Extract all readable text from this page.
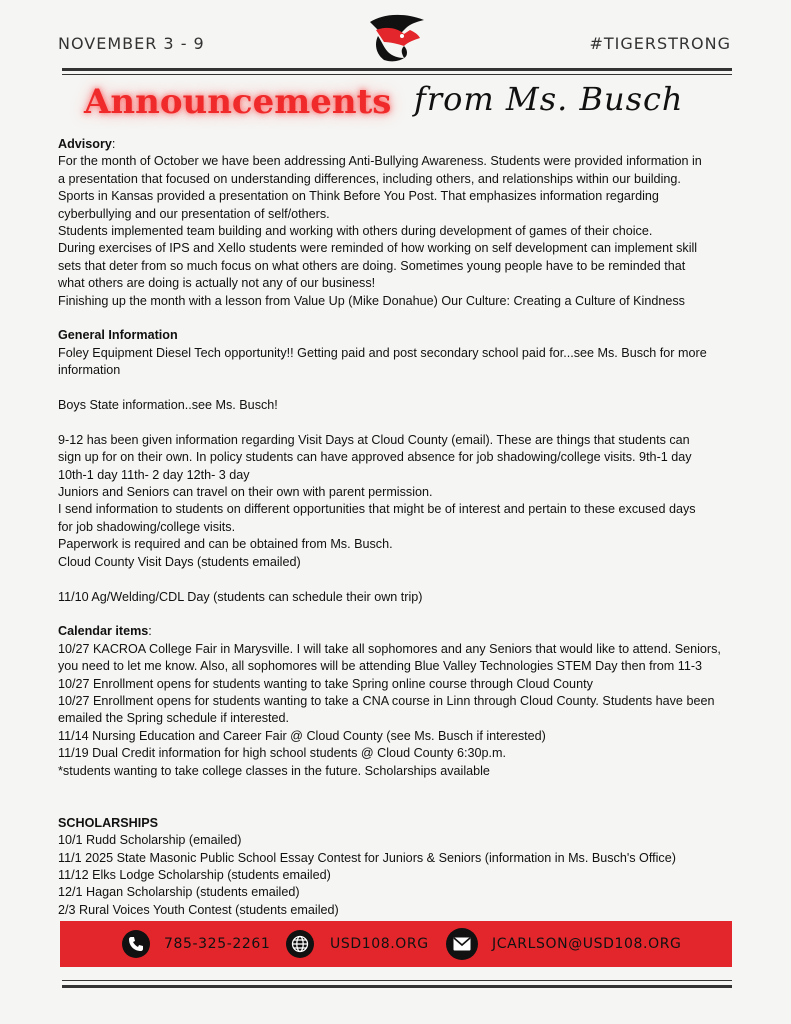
NOVEMBER 3 - 9	#TIGERSTRONG
Announcements from Ms. Busch

Advisory:

For the month of October we have been addressing Anti-Bullying Awareness. Students were provided information in

a presentation that focused on understanding differences, including others, and relationships within our building.

Sports in Kansas provided a presentation on Think Before You Post. That emphasizes information regarding

cyberbullying and our presentation of self/others.

Students implemented team building and working with others during development of games of their choice.

During exercises of IPS and Xello students were reminded of how working on self development can implement skill

sets that deter from so much focus on what others are doing. Sometimes young people have to be reminded that

what others are doing is actually not any of our business!

Finishing up the month with a lesson from Value Up (Mike Donahue) Our Culture: Creating a Culture of Kindness

General Information

Foley Equipment Diesel Tech opportunity!! Getting paid and post secondary school paid for...see Ms. Busch for more

information

Boys State information..see Ms. Busch!

9-12 has been given information regarding Visit Days at Cloud County (email). These are things that students can

sign up for on their own. In policy students can have approved absence for job shadowing/college visits. 9th-1 day

10th-1 day 11th- 2 day 12th- 3 day

Juniors and Seniors can travel on their own with parent permission.

I send information to students on different opportunities that might be of interest and pertain to these excused days

for job shadowing/college visits.

Paperwork is required and can be obtained from Ms. Busch.

Cloud County Visit Days (students emailed)

11/10 Ag/Welding/CDL Day (students can schedule their own trip)

Calendar items:

10/27 KACROA College Fair in Marysville. I will take all sophomores and any Seniors that would like to attend. Seniors,

you need to let me know. Also, all sophomores will be attending Blue Valley Technologies STEM Day then from 11-3

10/27 Enrollment opens for students wanting to take Spring online course through Cloud County

10/27 Enrollment opens for students wanting to take a CNA course in Linn through Cloud County. Students have been

emailed the Spring schedule if interested.

11/14 Nursing Education and Career Fair @ Cloud County (see Ms. Busch if interested)

11/19 Dual Credit information for high school students @ Cloud County 6:30p.m.

*students wanting to take college classes in the future. Scholarships available

SCHOLARSHIPS

10/1 Rudd Scholarship (emailed)

11/1 2025 State Masonic Public School Essay Contest for Juniors & Seniors (information in Ms. Busch's Office)

11/12 Elks Lodge Scholarship (students emailed)

12/1 Hagan Scholarship (students emailed)

2/3 Rural Voices Youth Contest (students emailed)

785-325-2261	USD108.ORG	JCARLSON@USD108.ORG
